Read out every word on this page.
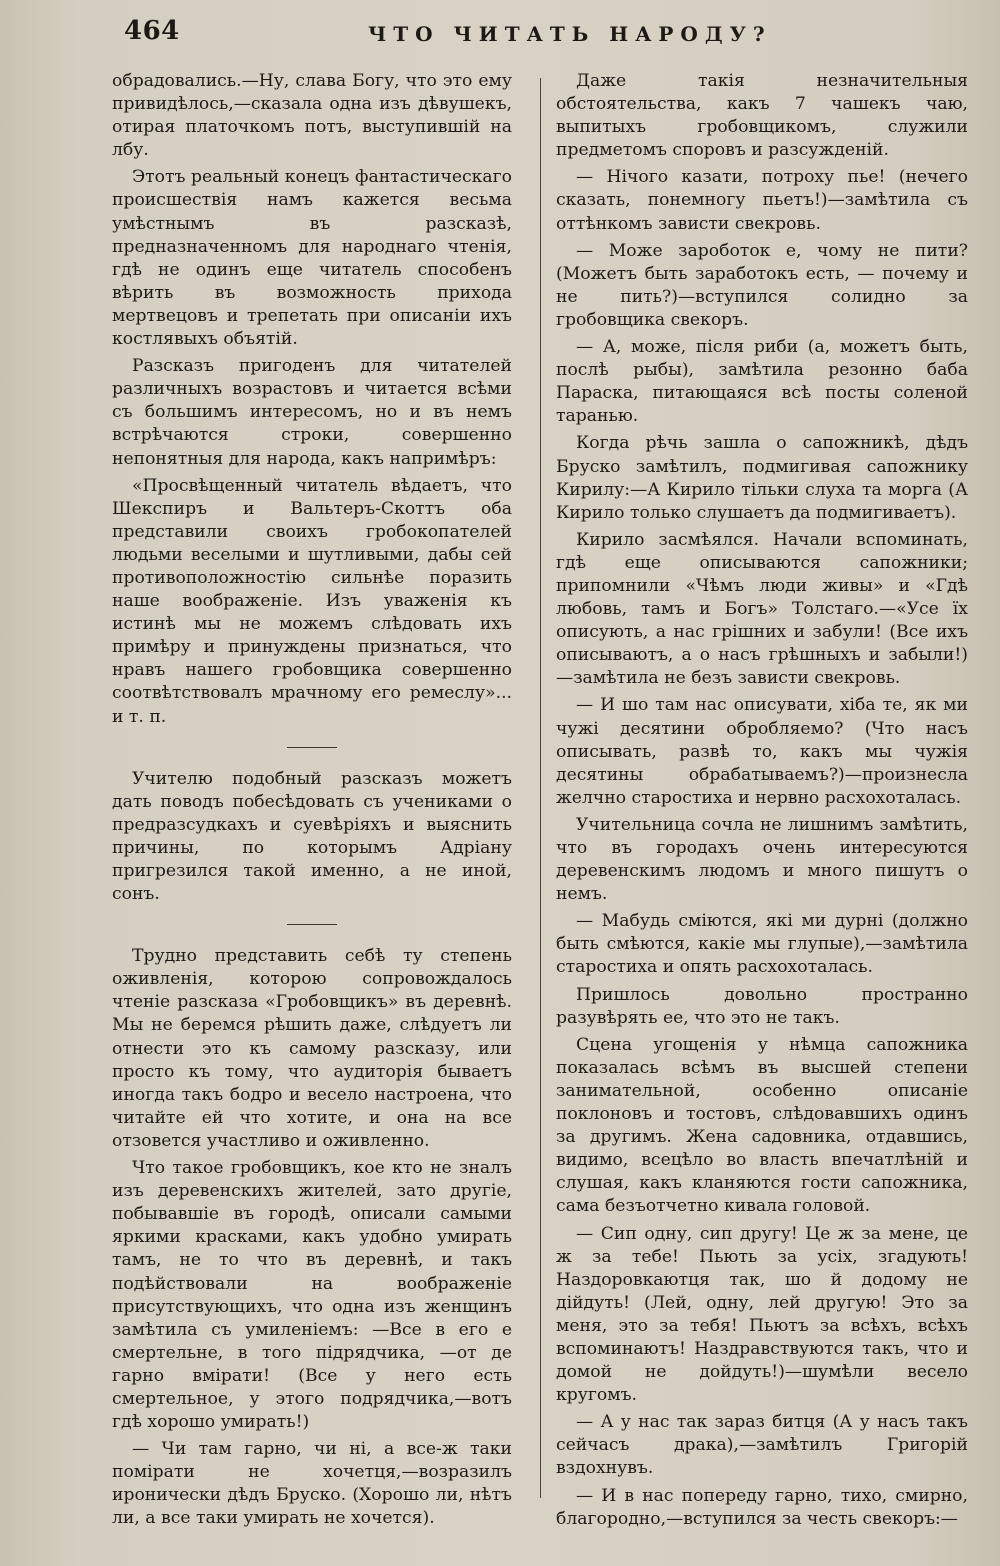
464	ЧТО ЧИТАТЬ НАРОДУ?

обрадовались.—Ну, слава Богу, что это ему привидѣлось,—сказала одна изъ дѣвушекъ, отирая платочкомъ потъ, выступившій на лбу.

Этотъ реальный конецъ фантастическаго происшествія намъ кажется весьма умѣстнымъ въ разсказѣ, предназначенномъ для народнаго чтенія, гдѣ не одинъ еще читатель способенъ вѣрить въ возможность прихода мертвецовъ и трепетать при описаніи ихъ костлявыхъ объятій.

Разсказъ пригоденъ для читателей различныхъ возрастовъ и читается всѣми съ большимъ интересомъ, но и въ немъ встрѣчаются строки, совершенно непонятныя для народа, какъ напримѣръ:

«Просвѣщенный читатель вѣдаетъ, что Шекспиръ и Вальтеръ-Скоттъ оба представили своихъ гробокопателей людьми веселыми и шутливыми, дабы сей противоположностію сильнѣе поразить наше воображеніе. Изъ уваженія къ истинѣ мы не можемъ слѣдовать ихъ примѣру и принуждены признаться, что нравъ нашего гробовщика совершенно соотвѣтствовалъ мрачному его ремеслу»... и т. п.

Учителю подобный разсказъ можетъ дать поводъ побесѣдовать съ учениками о предразсудкахъ и суевѣріяхъ и выяснить причины, по которымъ Адріану пригрезился такой именно, а не иной, сонъ.

Трудно представить себѣ ту степень оживленія, которою сопровождалось чтеніе разсказа «Гробовщикъ» въ деревнѣ. Мы не беремся рѣшить даже, слѣдуетъ ли отнести это къ самому разсказу, или просто къ тому, что аудиторія бываетъ иногда такъ бодро и весело настроена, что читайте ей что хотите, и она на все отзовется участливо и оживленно.

Что такое гробовщикъ, кое кто не зналъ изъ деревенскихъ жителей, зато другіе, побывавшіе въ городѣ, описали самыми яркими красками, какъ удобно умирать тамъ, не то что въ деревнѣ, и такъ подѣйствовали на воображеніе присутствующихъ, что одна изъ женщинъ замѣтила съ умиленіемъ: —Все в его е смертельне, в того підрядчика, —от де гарно вмірати! (Все у него есть смертельное, у этого подрядчика,—вотъ гдѣ хорошо умирать!)

— Чи там гарно, чи ні, а все-ж таки помірати не хочетця,—возразилъ иронически дѣдъ Бруско. (Хорошо ли, нѣтъ ли, а все таки умирать не хочется).

Даже такія незначительныя обстоятельства, какъ 7 чашекъ чаю, выпитыхъ гробовщикомъ, служили предметомъ споровъ и разсужденій.

— Нічого казати, потроху пье! (нечего сказать, понемногу пьетъ!)—замѣтила съ оттѣнкомъ зависти свекровь.

— Може зароботок е, чому не пити? (Можетъ быть заработокъ есть, — почему и не пить?)—вступился солидно за гробовщика свекоръ.

— А, може, після риби (а, можетъ быть, послѣ рыбы), замѣтила резонно баба Параска, питающаяся всѣ посты соленой таранью.

Когда рѣчь зашла о сапожникѣ, дѣдъ Бруско замѣтилъ, подмигивая сапожнику Кирилу:—А Кирило тільки слуха та морга (А Кирило только слушаетъ да подмигиваетъ).

Кирило засмѣялся. Начали вспоминать, гдѣ еще описываются сапожники; припомнили «Чѣмъ люди живы» и «Гдѣ любовь, тамъ и Богъ» Толстаго.—«Усе їх описують, а нас грішних и забули! (Все ихъ описываютъ, а о насъ грѣшныхъ и забыли!)—замѣтила не безъ зависти свекровь.

— И шо там нас описувати, хіба те, як ми чужі десятини обробляемо? (Что насъ описывать, развѣ то, какъ мы чужія десятины обрабатываемъ?)—произнесла желчно старостиха и нервно расхохоталась.

Учительница сочла не лишнимъ замѣтить, что въ городахъ очень интересуются деревенскимъ людомъ и много пишутъ о немъ.

— Мабудь сміются, які ми дурні (должно быть смѣются, какіе мы глупые),—замѣтила старостиха и опять расхохоталась.

Пришлось довольно пространно разувѣрять ее, что это не такъ.

Сцена угощенія у нѣмца сапожника показалась всѣмъ въ высшей степени занимательной, особенно описаніе поклоновъ и тостовъ, слѣдовавшихъ одинъ за другимъ. Жена садовника, отдавшись, видимо, всецѣло во власть впечатлѣній и слушая, какъ кланяются гости сапожника, сама безъотчетно кивала головой.

— Сип одну, сип другу! Це ж за мене, це ж за тебе! Пьють за усіх, згадують! Наздоровкаютця так, шо й додому не дійдуть! (Лей, одну, лей другую! Это за меня, это за тебя! Пьютъ за всѣхъ, всѣхъ вспоминаютъ! Наздравствуются такъ, что и домой не дойдуть!)—шумѣли весело кругомъ.

— А у нас так зараз битця (А у насъ такъ сейчасъ драка),—замѣтилъ Григорій вздохнувъ.

— И в нас попереду гарно, тихо, смирно, благородно,—вступился за честь свекоръ:—
